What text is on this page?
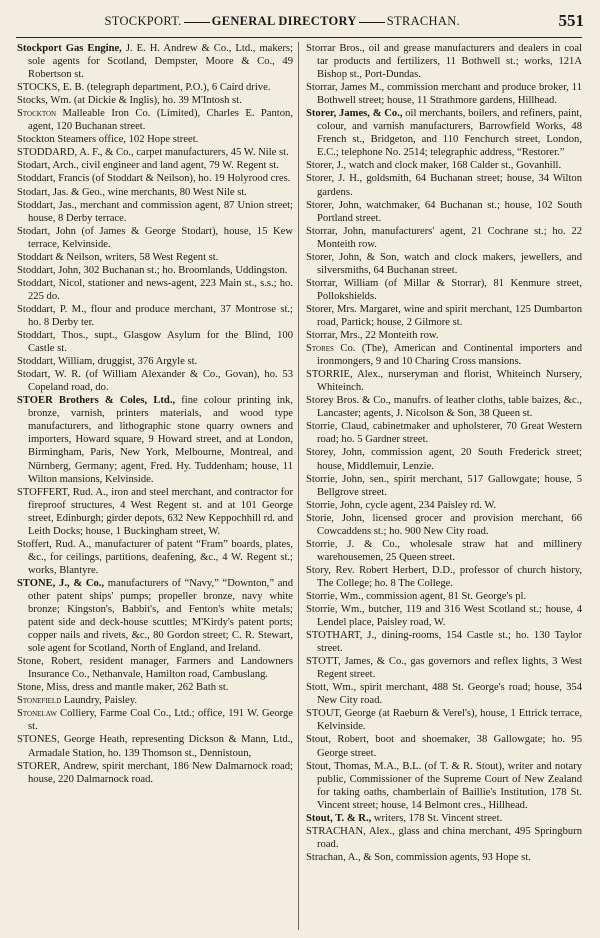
STOCKPORT. GENERAL DIRECTORY STRACHAN.	551

Stockport Gas Engine, J. E. H. Andrew & Co., Ltd., makers; sole agents for Scotland, Dempster, Moore & Co., 49 Robertson st.

STOCKS, E. B. (telegraph department, P.O.), 6 Caird drive.

Stocks, Wm. (at Dickie & Inglis), ho. 39 M'Intosh st.

Stockton Malleable Iron Co. (Limited), Charles E. Panton, agent, 120 Buchanan street.

Stockton Steamers office, 102 Hope street.

STODDARD, A. F., & Co., carpet manufacturers, 45 W. Nile st.

Stodart, Arch., civil engineer and land agent, 79 W. Regent st.

Stoddart, Francis (of Stoddart & Neilson), ho. 19 Holyrood cres.

Stodart, Jas. & Geo., wine merchants, 80 West Nile st.

Stoddart, Jas., merchant and commission agent, 87 Union street; house, 8 Derby terrace.

Stodart, John (of James & George Stodart), house, 15 Kew terrace, Kelvinside.

Stoddart & Neilson, writers, 58 West Regent st.

Stoddart, John, 302 Buchanan st.; ho. Broomlands, Uddingston.

Stoddart, Nicol, stationer and news-agent, 223 Main st., s.s.; ho. 225 do.

Stoddart, P. M., flour and produce merchant, 37 Montrose st.; ho. 8 Derby ter.

Stoddart, Thos., supt., Glasgow Asylum for the Blind, 100 Castle st.

Stoddart, William, druggist, 376 Argyle st.

Stodart, W. R. (of William Alexander & Co., Govan), ho. 53 Copeland road, do.

STOER Brothers & Coles, Ltd., fine colour printing ink, bronze, varnish, printers materials, and wood type manufacturers, and lithographic stone quarry owners and importers, Howard square, 9 Howard street, and at London, Birmingham, Paris, New York, Melbourne, Montreal, and Nürnberg, Germany; agent, Fred. Hy. Tuddenham; house, 11 Wilton mansions, Kelvinside.

STOFFERT, Rud. A., iron and steel merchant, and contractor for fireproof structures, 4 West Regent st. and at 101 George street, Edinburgh; girder depots, 632 New Keppochhill rd. and Leith Docks; house, 1 Buckingham street, W.

Stoffert, Rud. A., manufacturer of patent “Fram” boards, plates, &c., for ceilings, partitions, deafening, &c., 4 W. Regent st.; works, Blantyre.

STONE, J., & Co., manufacturers of “Navy,” “Downton,” and other patent ships' pumps; propeller bronze, navy white bronze; Kingston's, Babbit's, and Fenton's white metals; patent side and deck-house scuttles; M'Kirdy's patent ports; copper nails and rivets, &c., 80 Gordon street; C. R. Stewart, sole agent for Scotland, North of England, and Ireland.

Stone, Robert, resident manager, Farmers and Landowners Insurance Co., Nethanvale, Hamilton road, Cambuslang.

Stone, Miss, dress and mantle maker, 262 Bath st.

Stonefield Laundry, Paisley.

Stonelaw Colliery, Farme Coal Co., Ltd.; office, 191 W. George st.

STONES, George Heath, representing Dickson & Mann, Ltd., Armadale Station, ho. 139 Thomson st., Dennistoun,

STORER, Andrew, spirit merchant, 186 New Dalmarnock road; house, 220 Dalmarnock road.

Storrar Bros., oil and grease manufacturers and dealers in coal tar products and fertilizers, 11 Bothwell st.; works, 121A Bishop st., Port-Dundas.

Storrar, James M., commission merchant and produce broker, 11 Bothwell street; house, 11 Strathmore gardens, Hillhead.

Storer, James, & Co., oil merchants, boilers, and refiners, paint, colour, and varnish manufacturers, Barrowfield Works, 48 French st., Bridgeton, and 110 Fenchurch street, London, E.C.; telephone No. 2514; telegraphic address, “Restorer.”

Storer, J., watch and clock maker, 168 Calder st., Govanhill.

Storer, J. H., goldsmith, 64 Buchanan street; house, 34 Wilton gardens.

Storer, John, watchmaker, 64 Buchanan st.; house, 102 South Portland street.

Storrar, John, manufacturers' agent, 21 Cochrane st.; ho. 22 Monteith row.

Storer, John, & Son, watch and clock makers, jewellers, and silversmiths, 64 Buchanan street.

Storrar, William (of Millar & Storrar), 81 Kenmure street, Pollokshields.

Storer, Mrs. Margaret, wine and spirit merchant, 125 Dumbarton road, Partick; house, 2 Gilmore st.

Storrar, Mrs., 22 Monteith row.

Stores Co. (The), American and Continental importers and ironmongers, 9 and 10 Charing Cross mansions.

STORRIE, Alex., nurseryman and florist, Whiteinch Nursery, Whiteinch.

Storey Bros. & Co., manufrs. of leather cloths, table baizes, &c., Lancaster; agents, J. Nicolson & Son, 38 Queen st.

Storrie, Claud, cabinetmaker and upholsterer, 70 Great Western road; ho. 5 Gardner street.

Storey, John, commission agent, 20 South Frederick street; house, Middlemuir, Lenzie.

Storrie, John, sen., spirit merchant, 517 Gallowgate; house, 5 Bellgrove street.

Storrie, John, cycle agent, 234 Paisley rd. W.

Storie, John, licensed grocer and provision merchant, 66 Cowcaddens st.; ho. 900 New City road.

Storrie, J. & Co., wholesale straw hat and millinery warehousemen, 25 Queen street.

Story, Rev. Robert Herbert, D.D., professor of church history, The College; ho. 8 The College.

Storrie, Wm., commission agent, 81 St. George's pl.

Storrie, Wm., butcher, 119 and 316 West Scotland st.; house, 4 Lendel place, Paisley road, W.

STOTHART, J., dining-rooms, 154 Castle st.; ho. 130 Taylor street.

STOTT, James, & Co., gas governors and reflex lights, 3 West Regent street.

Stott, Wm., spirit merchant, 488 St. George's road; house, 354 New City road.

STOUT, George (at Raeburn & Verel's), house, 1 Ettrick terrace, Kelvinside.

Stout, Robert, boot and shoemaker, 38 Gallowgate; ho. 95 George street.

Stout, Thomas, M.A., B.L. (of T. & R. Stout), writer and notary public, Commissioner of the Supreme Court of New Zealand for taking oaths, chamberlain of Baillie's Institution, 178 St. Vincent street; house, 14 Belmont cres., Hillhead.

Stout, T. & R., writers, 178 St. Vincent street.

STRACHAN, Alex., glass and china merchant, 495 Springburn road.

Strachan, A., & Son, commission agents, 93 Hope st.
